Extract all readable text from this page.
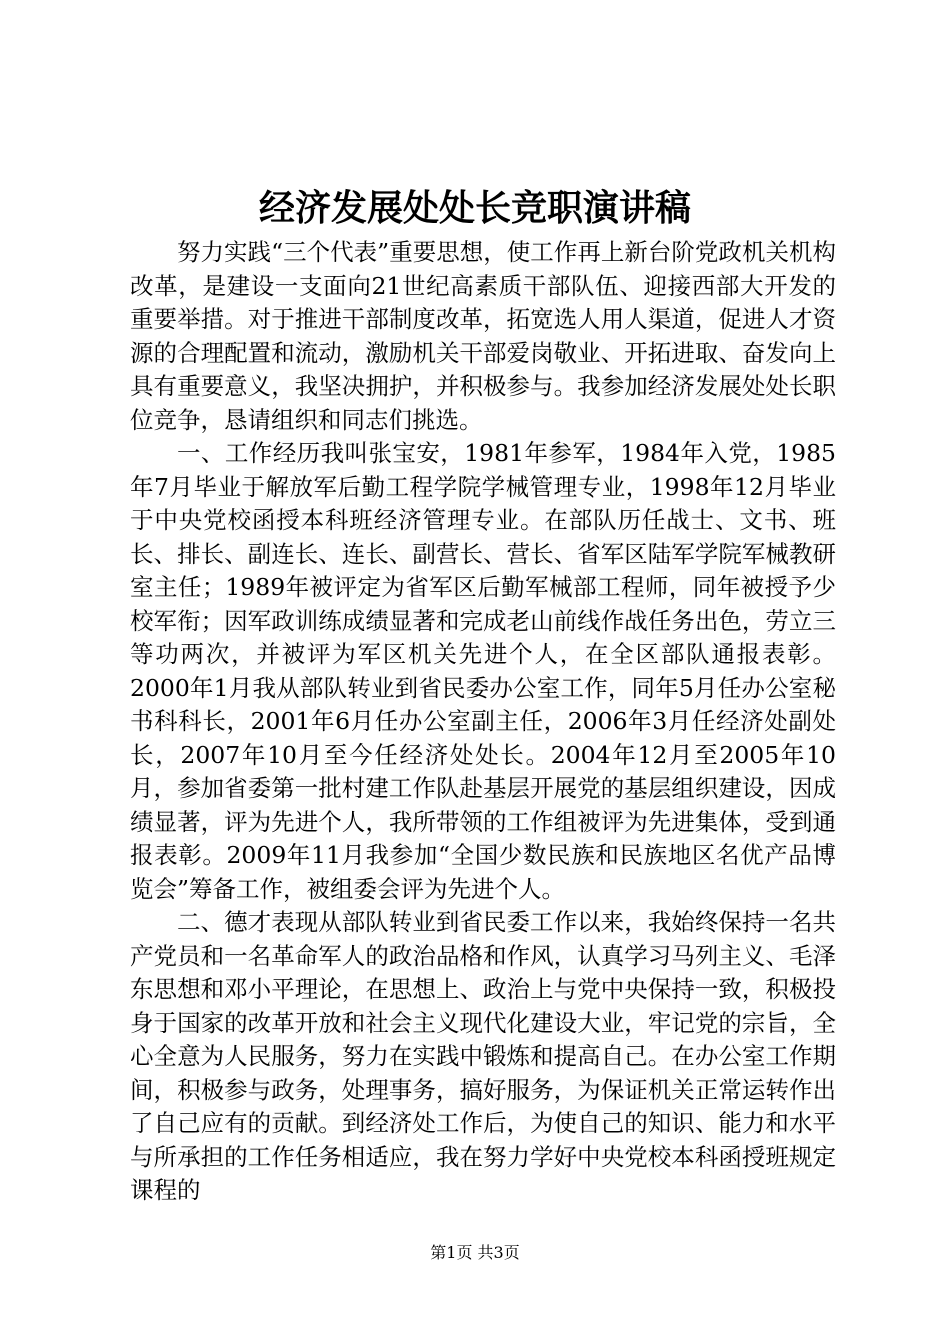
经济发展处处长竞职演讲稿

努力实践“三个代表”重要思想，使工作再上新台阶党政机关机构改革，是建设一支面向21世纪高素质干部队伍、迎接西部大开发的重要举措。对于推进干部制度改革，拓宽选人用人渠道，促进人才资源的合理配置和流动，激励机关干部爱岗敬业、开拓进取、奋发向上具有重要意义，我坚决拥护，并积极参与。我参加经济发展处处长职位竞争，恳请组织和同志们挑选。

一、工作经历我叫张宝安，1981年参军，1984年入党，1985年7月毕业于解放军后勤工程学院学械管理专业，1998年12月毕业于中央党校函授本科班经济管理专业。在部队历任战士、文书、班长、排长、副连长、连长、副营长、营长、省军区陆军学院军械教研室主任；1989年被评定为省军区后勤军械部工程师，同年被授予少校军衔；因军政训练成绩显著和完成老山前线作战任务出色，劳立三等功两次，并被评为军区机关先进个人，在全区部队通报表彰。2000年1月我从部队转业到省民委办公室工作，同年5月任办公室秘书科科长，2001年6月任办公室副主任，2006年3月任经济处副处长，2007年10月至今任经济处处长。2004年12月至2005年10月，参加省委第一批村建工作队赴基层开展党的基层组织建设，因成绩显著，评为先进个人，我所带领的工作组被评为先进集体，受到通报表彰。2009年11月我参加“全国少数民族和民族地区名优产品博览会”筹备工作，被组委会评为先进个人。

二、德才表现从部队转业到省民委工作以来，我始终保持一名共产党员和一名革命军人的政治品格和作风，认真学习马列主义、毛泽东思想和邓小平理论，在思想上、政治上与党中央保持一致，积极投身于国家的改革开放和社会主义现代化建设大业，牢记党的宗旨，全心全意为人民服务，努力在实践中锻炼和提高自己。在办公室工作期间，积极参与政务，处理事务，搞好服务，为保证机关正常运转作出了自己应有的贡献。到经济处工作后，为使自己的知识、能力和水平与所承担的工作任务相适应，我在努力学好中央党校本科函授班规定课程的

第1页 共3页
